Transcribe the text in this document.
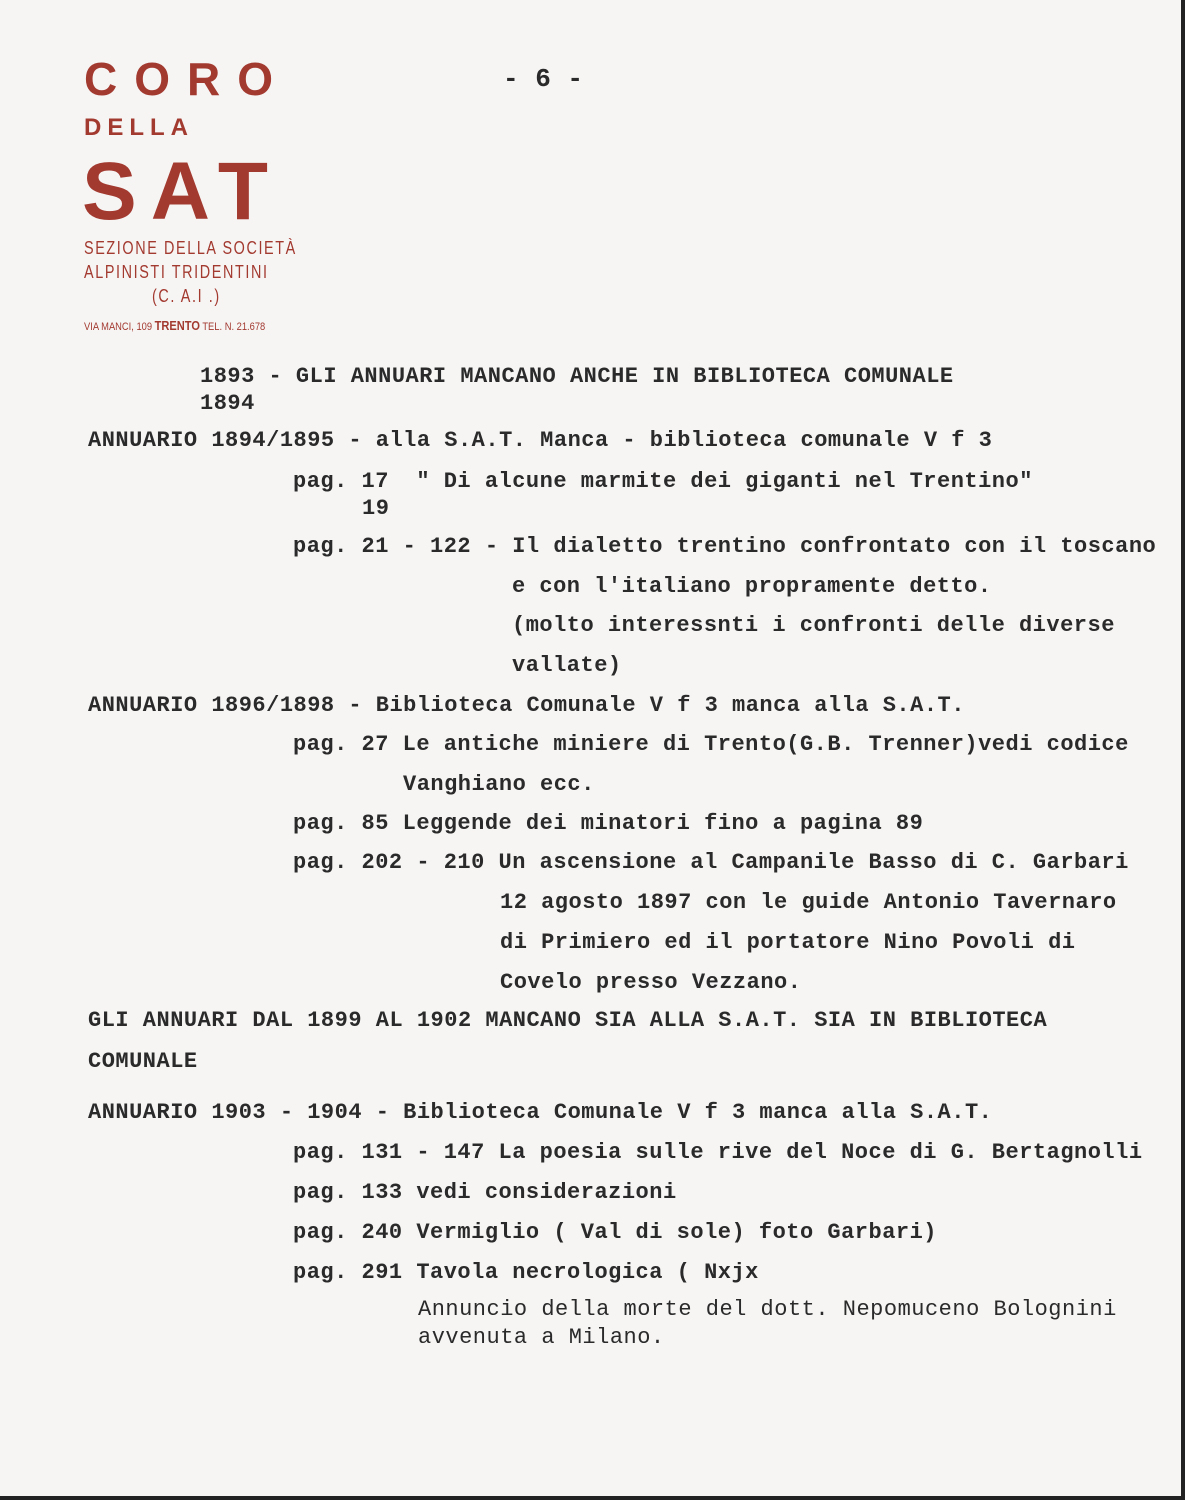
CORO
DELLA
SAT
SEZIONE DELLA SOCIETÀ
ALPINISTI TRIDENTINI
(C. A.I .)
VIA MANCI, 109 TRENTO TEL. N. 21.678
- 6 -
1893 - GLI ANNUARI MANCANO ANCHE IN BIBLIOTECA COMUNALE
1894
ANNUARIO 1894/1895 - alla S.A.T. Manca - biblioteca comunale V f 3
pag. 17  " Di alcune marmite dei giganti nel Trentino"
19
pag. 21 - 122 - Il dialetto trentino confrontato con il toscano
e con l'italiano propramente detto.
(molto interessnti i confronti delle diverse
vallate)
ANNUARIO 1896/1898 - Biblioteca Comunale V f 3 manca alla S.A.T.
pag. 27 Le antiche miniere di Trento(G.B. Trenner)vedi codice
Vanghiano ecc.
pag. 85 Leggende dei minatori fino a pagina 89
pag. 202 - 210 Un ascensione al Campanile Basso di C. Garbari
12 agosto 1897 con le guide Antonio Tavernaro
di Primiero ed il portatore Nino Povoli di
Covelo presso Vezzano.
GLI ANNUARI DAL 1899 AL 1902 MANCANO SIA ALLA S.A.T. SIA IN BIBLIOTECA
COMUNALE
ANNUARIO 1903 - 1904 - Biblioteca Comunale V f 3 manca alla S.A.T.
pag. 131 - 147 La poesia sulle rive del Noce di G. Bertagnolli
pag. 133 vedi considerazioni
pag. 240 Vermiglio ( Val di sole) foto Garbari)
pag. 291 Tavola necrologica ( Nxjx
Annuncio della morte del dott. Nepomuceno Bolognini
avvenuta a Milano.
